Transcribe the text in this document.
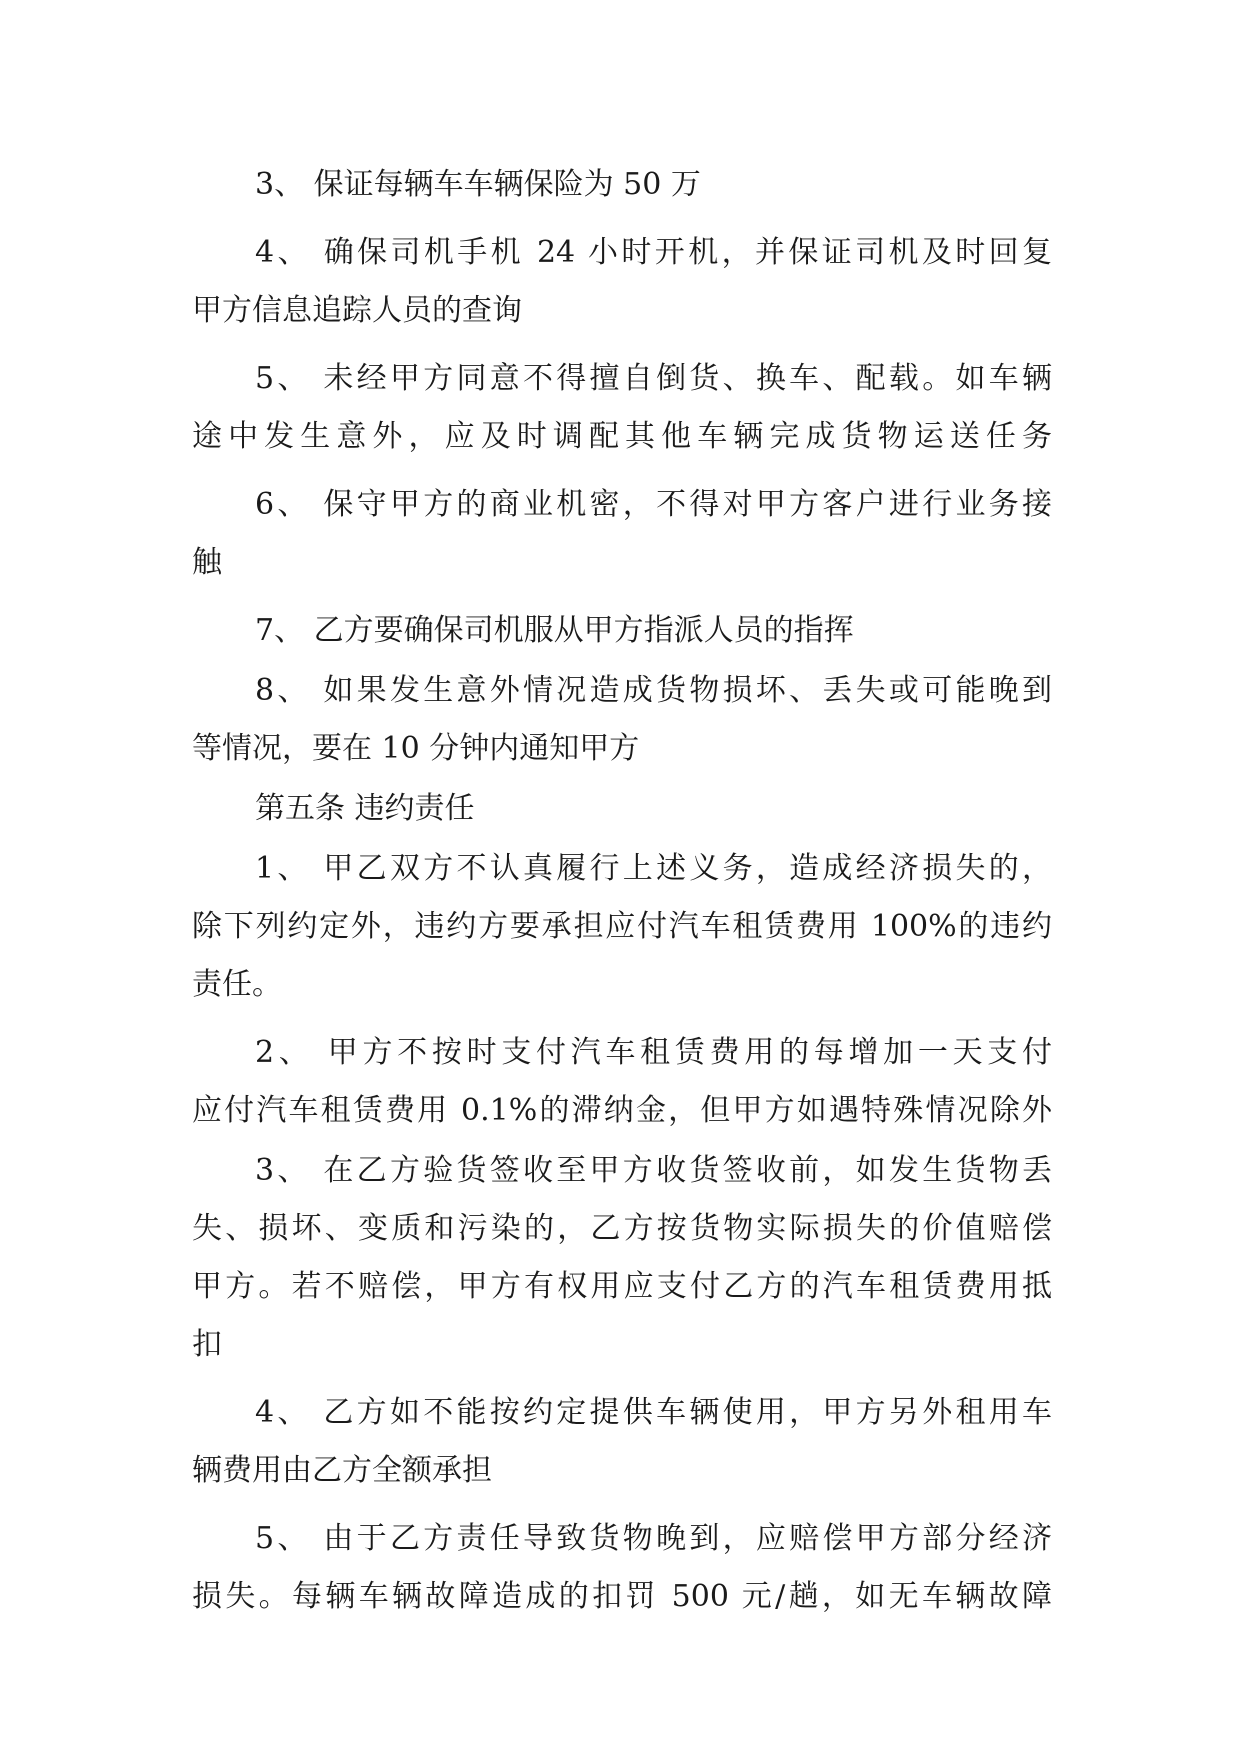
3、 保证每辆车车辆保险为 50 万
4、 确保司机手机 24 小时开机，并保证司机及时回复
甲方信息追踪人员的查询
5、 未经甲方同意不得擅自倒货、换车、配载。如车辆
途中发生意外，应及时调配其他车辆完成货物运送任务
6、 保守甲方的商业机密，不得对甲方客户进行业务接
触
7、 乙方要确保司机服从甲方指派人员的指挥
8、 如果发生意外情况造成货物损坏、丢失或可能晚到
等情况，要在 10 分钟内通知甲方
第五条 违约责任
1、 甲乙双方不认真履行上述义务，造成经济损失的，
除下列约定外，违约方要承担应付汽车租赁费用 100%的违约
责任。
2、 甲方不按时支付汽车租赁费用的每增加一天支付
应付汽车租赁费用 0.1%的滞纳金，但甲方如遇特殊情况除外
3、 在乙方验货签收至甲方收货签收前，如发生货物丢
失、损坏、变质和污染的，乙方按货物实际损失的价值赔偿
甲方。若不赔偿，甲方有权用应支付乙方的汽车租赁费用抵
扣
4、 乙方如不能按约定提供车辆使用，甲方另外租用车
辆费用由乙方全额承担
5、 由于乙方责任导致货物晚到，应赔偿甲方部分经济
损失。每辆车辆故障造成的扣罚 500 元/趟，如无车辆故障
